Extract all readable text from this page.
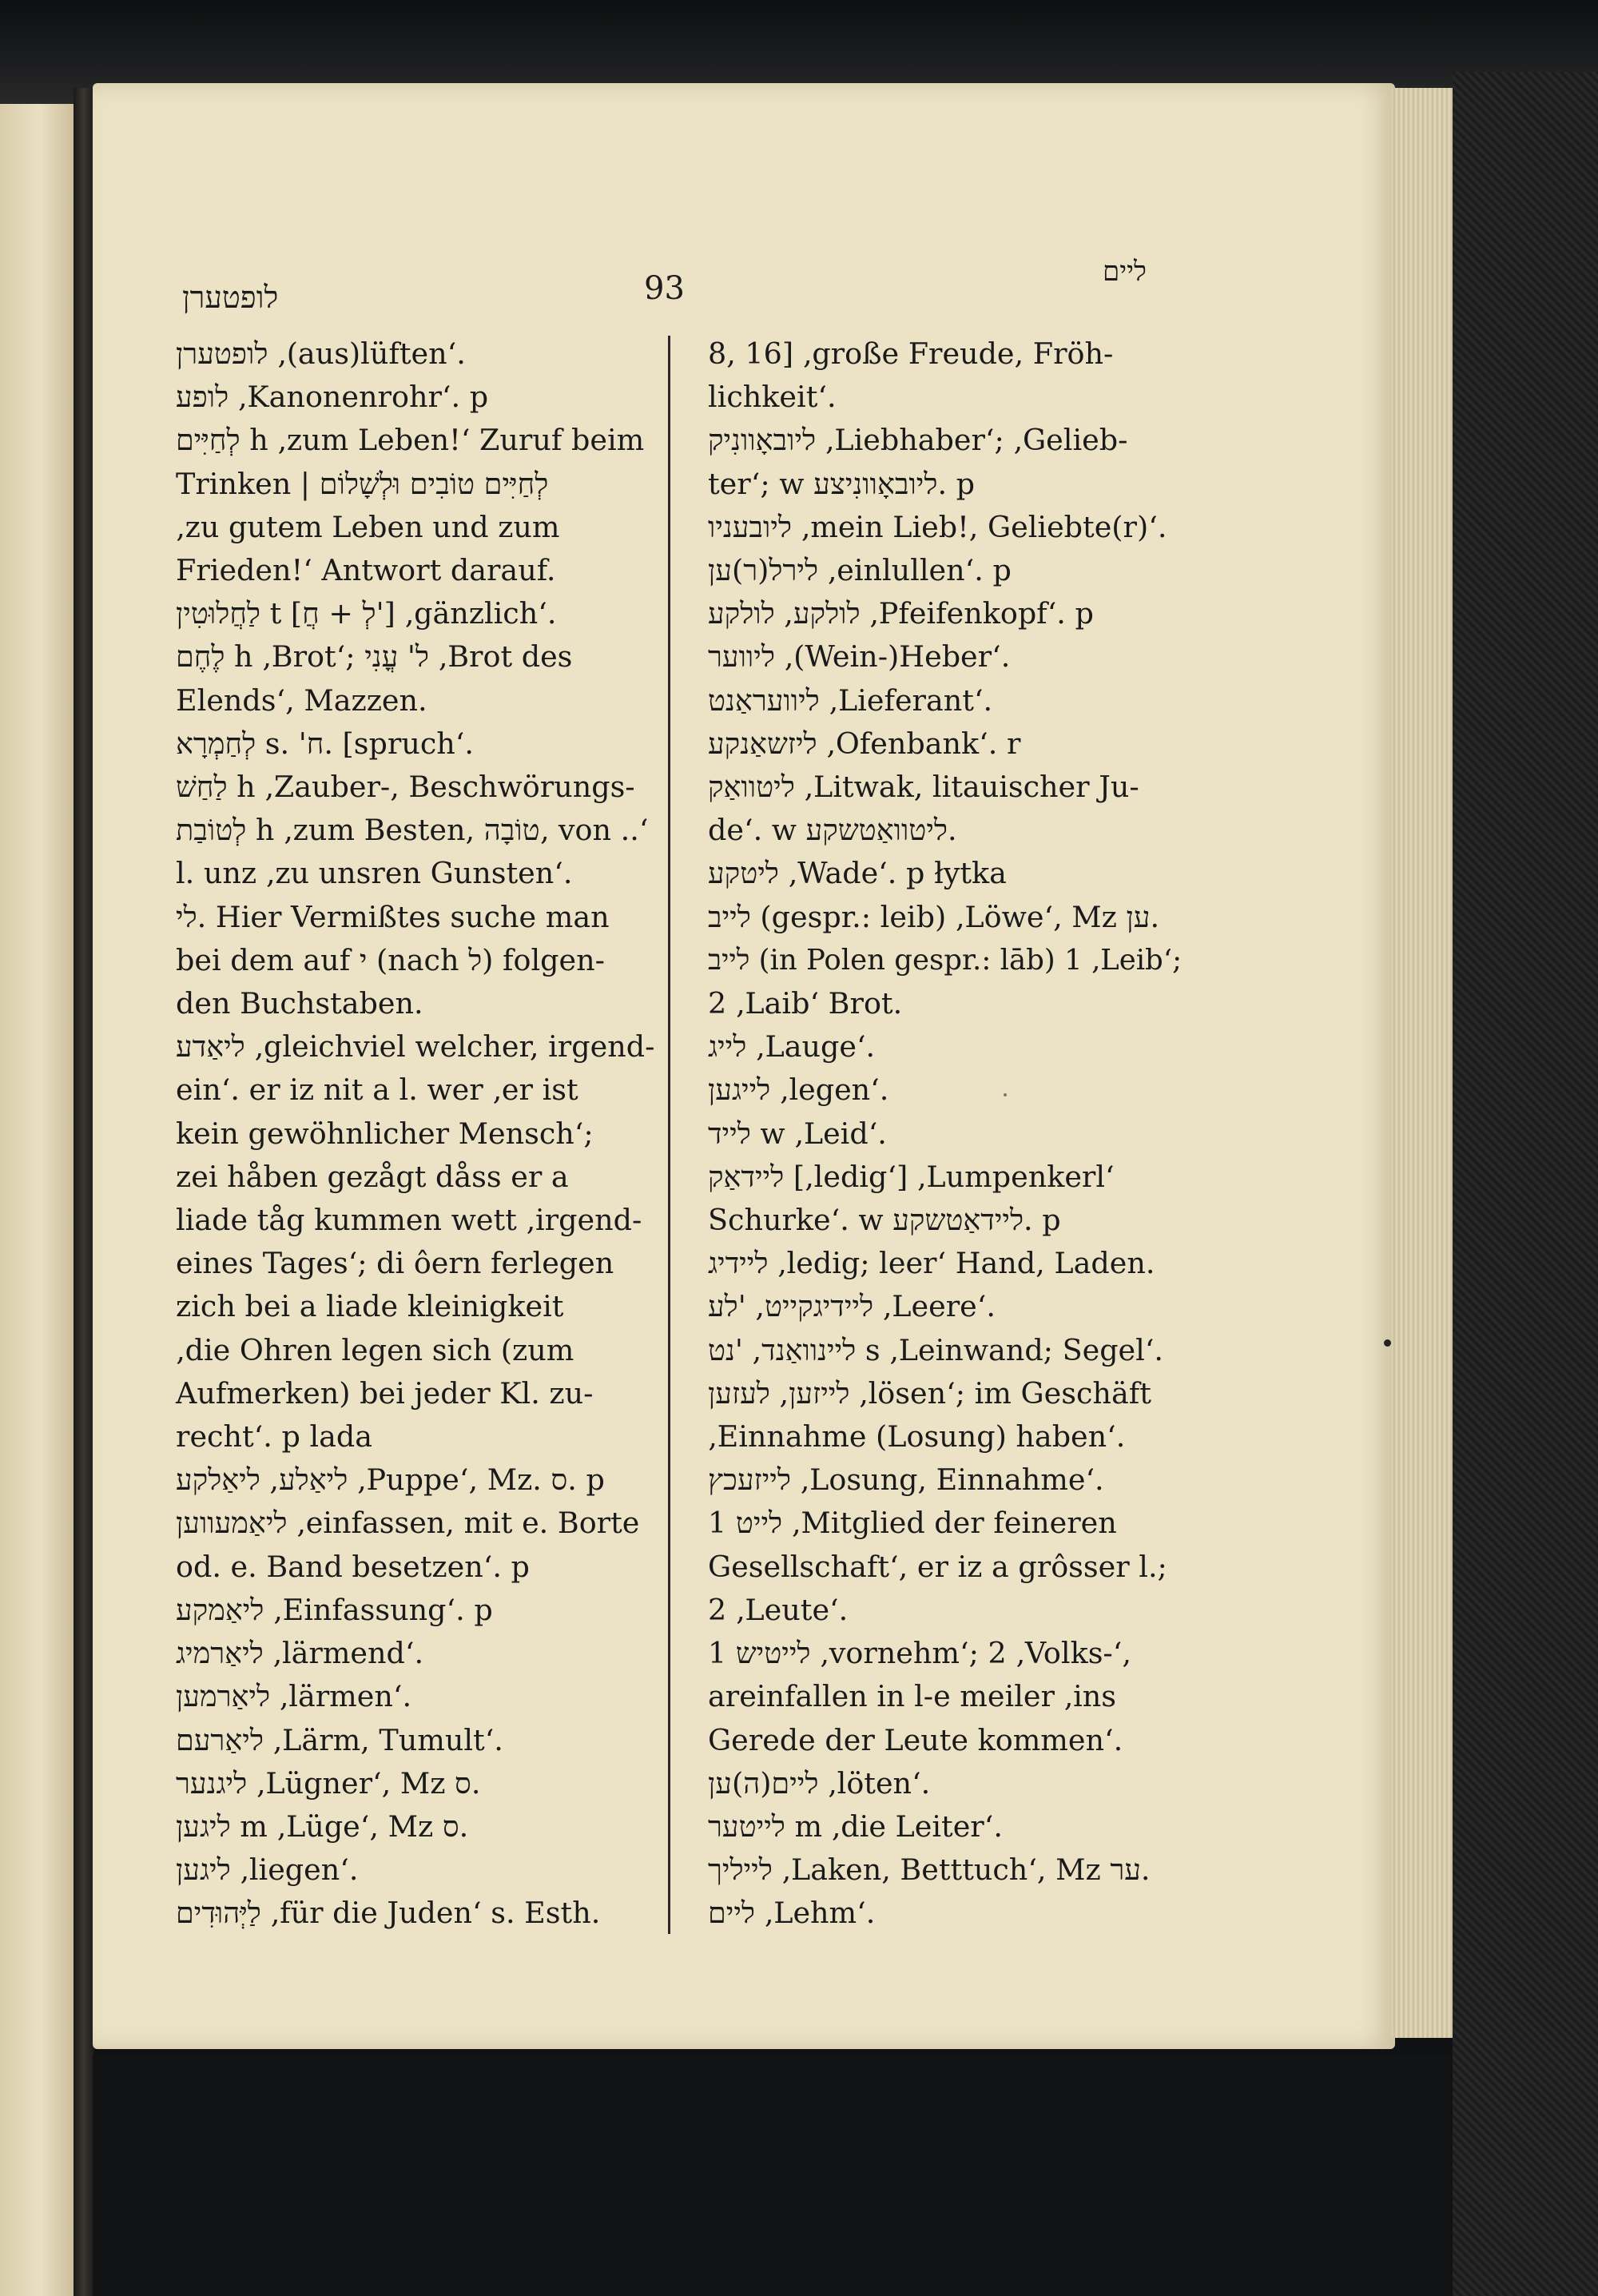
לופטערן	93	ליים
לופטערן ‚(aus)lüften‘.
לופע ‚Kanonenrohr‘. p
לְחַיִּים h ‚zum Leben!‘ Zuruf beim
Trinken | לְחַיִּים טוֹבִים וּלְשָׁלוֹם
‚zu gutem Leben und zum
Frieden!‘ Antwort darauf.
לַחֲלוּטִין t [לְ + חֲ'] ‚gänzlich‘.
לֶחֶם h ‚Brot‘; ל' עֳנִי ‚Brot des
Elends‘, Mazzen.
לְחַמְרָא s. 'ח. [spruch‘.
לַחַשׁ h ‚Zauber-, Beschwörungs-
לְטוֹבַת h ‚zum Besten, טוֹבָה‚ von ..‘
l. unz ‚zu unsren Gunsten‘.
לי. Hier Vermißtes suche man
bei dem auf י (nach ל) folgen-
den Buchstaben.
ליאַדע ‚gleichviel welcher, irgend-
ein‘. er iz nit a l. wer ‚er ist
kein gewöhnlicher Mensch‘;
zei håben gezågt dåss er a
liade tåg kummen wett ‚irgend-
eines Tages‘; di ôern ferlegen
zich bei a liade kleinigkeit
‚die Ohren legen sich (zum
Aufmerken) bei jeder Kl. zu-
recht‘. p lada
ליאַלע, ליאַלקע ‚Puppe‘, Mz. ס. p
ליאַמעווען ‚einfassen, mit e. Borte
od. e. Band besetzen‘. p
ליאַמקע ‚Einfassung‘. p
ליאַרמיג ‚lärmend‘.
ליאַרמען ‚lärmen‘.
ליאַרעם ‚Lärm, Tumult‘.
ליגנער ‚Lügner‘, Mz ס.
ליגען m ‚Lüge‘, Mz ס.
ליגען ‚liegen‘.
לַיְּהוּדִים ‚für die Juden‘ s. Esth.
8, 16] ‚große Freude, Fröh-
lichkeit‘.
ליובאָוונִיק ‚Liebhaber‘; ‚Gelieb-
ter‘; w ליובאָוונִיצע. p
ליובעניו ‚mein Lieb!, Geliebte(r)‘.
לירל(ר)ען ‚einlullen‘. p
לולקע, לולקע ‚Pfeifenkopf‘. p
ליווער ‚(Wein-)Heber‘.
ליוועראַנט ‚Lieferant‘.
ליזשאַנקע ‚Ofenbank‘. r
ליטוואַק ‚Litwak, litauischer Ju-
de‘. w ליטוואַטשקע.
ליטקע ‚Wade‘. p łytka
לייב (gespr.: leib) ‚Löwe‘, Mz ען.
לייב (in Polen gespr.: lāb) 1 ‚Leib‘;
2 ‚Laib‘ Brot.
לייג ‚Lauge‘.
לייגען ‚legen‘.
לייד w ‚Leid‘.
ליידאַק [‚ledig‘] ‚Lumpenkerl‘
Schurke‘. w ליידאַטשקע. p
ליידיג ‚ledig; leer‘ Hand, Laden.
ליידיגקייט, 'לע ‚Leere‘.
ליינוואַנד, 'נט s ‚Leinwand; Segel‘.
לייזען, לעזען ‚lösen‘; im Geschäft
‚Einnahme (Losung) haben‘.
לייזעכץ ‚Losung, Einnahme‘.
לייט 1 ‚Mitglied der feineren
Gesellschaft‘, er iz a grôsser l.;
2 ‚Leute‘.
לייטיש 1 ‚vornehm‘; 2 ‚Volks-‘,
areinfallen in l-e meiler ‚ins
Gerede der Leute kommen‘.
ליים(ה)ען ‚löten‘.
לייטער m ‚die Leiter‘.
לייליך ‚Laken, Betttuch‘, Mz ער.
ליים ‚Lehm‘.
